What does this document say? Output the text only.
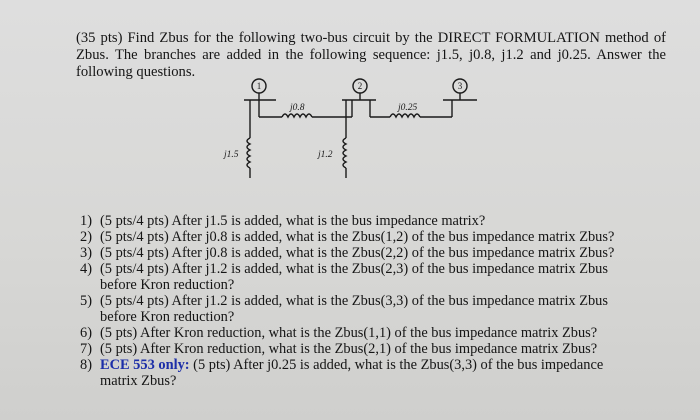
(35 pts) Find Zbus for the following two-bus circuit by the DIRECT FORMULATION method of Zbus. The branches are added in the following sequence: j1.5, j0.8, j1.2 and j0.25. Answer the following questions.

1	2	3
j0.8	j0.25
j1.5	j1.2
1) (5 pts/4 pts) After j1.5 is added, what is the bus impedance matrix?
2) (5 pts/4 pts) After j0.8 is added, what is the Zbus(1,2) of the bus impedance matrix Zbus?
3) (5 pts/4 pts) After j0.8 is added, what is the Zbus(2,2) of the bus impedance matrix Zbus?
4) (5 pts/4 pts) After j1.2 is added, what is the Zbus(2,3) of the bus impedance matrix Zbus
before Kron reduction?
5) (5 pts/4 pts) After j1.2 is added, what is the Zbus(3,3) of the bus impedance matrix Zbus
before Kron reduction?
6) (5 pts) After Kron reduction, what is the Zbus(1,1) of the bus impedance matrix Zbus?
7) (5 pts) After Kron reduction, what is the Zbus(2,1) of the bus impedance matrix Zbus?
8) ECE 553 only: (5 pts) After j0.25 is added, what is the Zbus(3,3) of the bus impedance
matrix Zbus?
